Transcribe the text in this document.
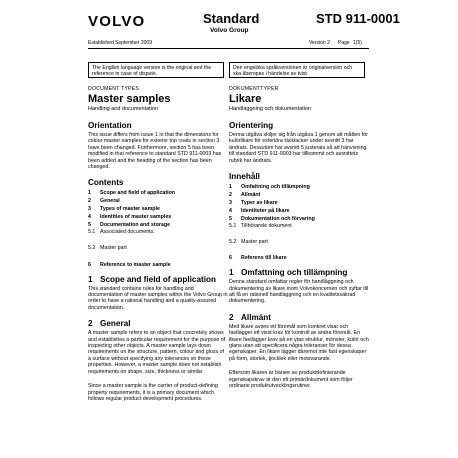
VOLVO	Standard
Volvo Group
STD 911-0001
Established September 2009	Version 2 Page 1(5)
The English language version is the original and the reference in case of dispute.
Den engelska språkversionen är originalversion och ska åberopas i händelse av tvist.
DOCUMENT TYPES
Master samples
Handling and documentation
Orientation
This issue differs from issue 1 in that the dimensions for colour master samples for exterior top coats in section 3 have been changed. Furthermore, section 5 has been modified in that reference to standard STD 911-0003 has been added and the heading of the section has been changed.
Contents
1	Scope and field of application
2	General
3	Types of master sample
4	Identities of master samples
5	Documentation and storage
5.1 Associated documents.
5.2 Master part
6	Reference to master sample
1 Scope and field of application
This standard contains rules for handling and documentation of master samples within the Volvo Group in order to have a rational handling and a quality-assured documentation.
2 General
A master sample refers to an object that concretely shows and establishes a particular requirement for the purpose of inspecting other objects. A master sample lays down requirements on the structure, pattern, colour and gloss of a surface without specifying any tolerances on these properties. However, a master sample does not establish requirements on shape, size, thickness or similar.
Since a master sample is the carrier of product-defining property requirements, it is a primary document which follows regular product development procedures.
DOKUMENTTYPER
Likare
Handläggning och dokumentation
Orientering
Denna utgåva skiljer sig från utgåva 1 genom att måtten för kulörlikare för exteriöra täcklacker under avsnitt 3 har ändrats. Dessutom har avsnitt 5 justerats så att hänvisning till standard STD 911-0003 har tillkommit och avsnittets rubrik har ändrats.
Innehåll
1	Omfattning och tillämpning
2	Allmänt
3	Typer av likare
4	Identiteter på likare
5	Dokumentation och förvaring
5.1 Tillhörande dokument
5.2 Master part
6	Referens till likare
1 Omfattning och tillämpning
Denna standard omfattar regler för handläggning och dokumentering av likare inom Volvokoncernen och syftar till att få en rationell handläggning och en kvalitetssäkrad dokumentering.
2 Allmänt
Med likare avses ett föremål som konkret visar och fastlägger ett visst krav för kontroll av andra föremål. En likare fastlägger krav på en ytas struktur, mönster, kulör och glans utan att specificera några toleranser för dessa egenskaper. En likare lägger däremot inte fast egenskaper på form, storlek, tjocklek eller motsvarande.
Eftersom likaren är bärare av produktdefinierande egenskapskrav är den ett primärdokument som följer ordinarie produktutvecklingsrutiner.
